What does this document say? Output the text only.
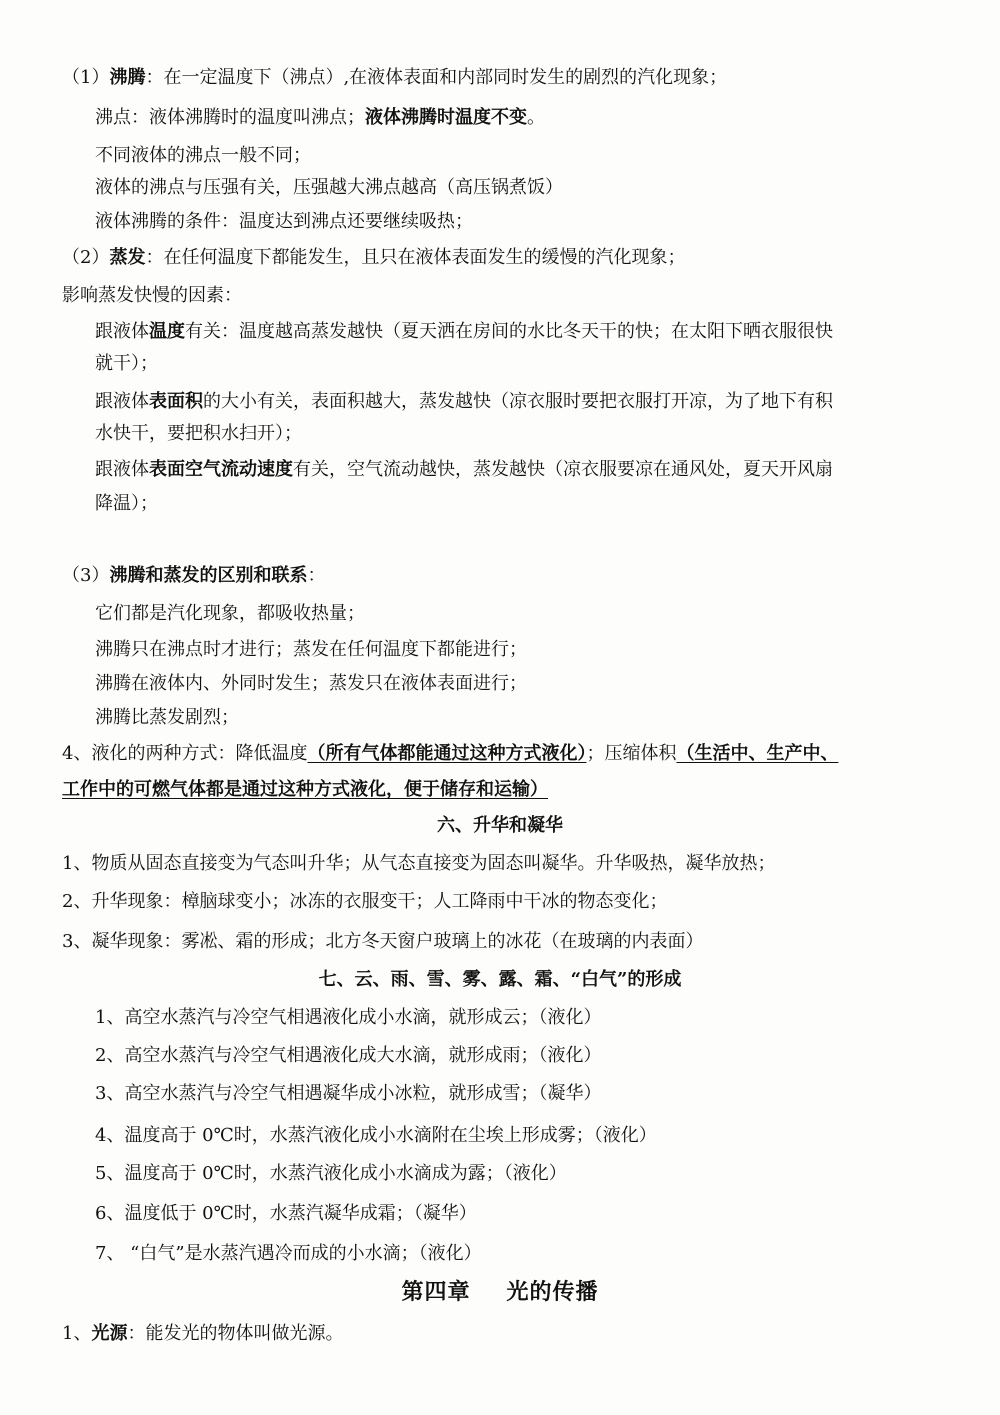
（1）沸腾：在一定温度下（沸点）,在液体表面和内部同时发生的剧烈的汽化现象；
沸点：液体沸腾时的温度叫沸点；液体沸腾时温度不变。
不同液体的沸点一般不同；
液体的沸点与压强有关，压强越大沸点越高（高压锅煮饭）
液体沸腾的条件：温度达到沸点还要继续吸热；
（2）蒸发：在任何温度下都能发生，且只在液体表面发生的缓慢的汽化现象；
影响蒸发快慢的因素：
跟液体温度有关：温度越高蒸发越快（夏天洒在房间的水比冬天干的快；在太阳下晒衣服很快
就干）；
跟液体表面积的大小有关，表面积越大，蒸发越快（凉衣服时要把衣服打开凉，为了地下有积
水快干，要把积水扫开）；
跟液体表面空气流动速度有关，空气流动越快，蒸发越快（凉衣服要凉在通风处，夏天开风扇
降温）；
（3）沸腾和蒸发的区别和联系：
它们都是汽化现象，都吸收热量；
沸腾只在沸点时才进行；蒸发在任何温度下都能进行；
沸腾在液体内、外同时发生；蒸发只在液体表面进行；
沸腾比蒸发剧烈；
4、液化的两种方式：降低温度（所有气体都能通过这种方式液化）；压缩体积（生活中、生产中、
工作中的可燃气体都是通过这种方式液化，便于储存和运输）
六、升华和凝华
1、物质从固态直接变为气态叫升华；从气态直接变为固态叫凝华。升华吸热，凝华放热；
2、升华现象：樟脑球变小；冰冻的衣服变干；人工降雨中干冰的物态变化；
3、凝华现象：雾凇、霜的形成；北方冬天窗户玻璃上的冰花（在玻璃的内表面）
七、云、雨、雪、雾、露、霜、“白气”的形成
1、高空水蒸汽与冷空气相遇液化成小水滴，就形成云；（液化）
2、高空水蒸汽与冷空气相遇液化成大水滴，就形成雨；（液化）
3、高空水蒸汽与冷空气相遇凝华成小冰粒，就形成雪；（凝华）
4、温度高于 0℃时，水蒸汽液化成小水滴附在尘埃上形成雾；（液化）
5、温度高于 0℃时，水蒸汽液化成小水滴成为露；（液化）
6、温度低于 0℃时，水蒸汽凝华成霜；（凝华）
7、 “白气”是水蒸汽遇冷而成的小水滴；（液化）
第四章 光的传播
1、光源：能发光的物体叫做光源。
